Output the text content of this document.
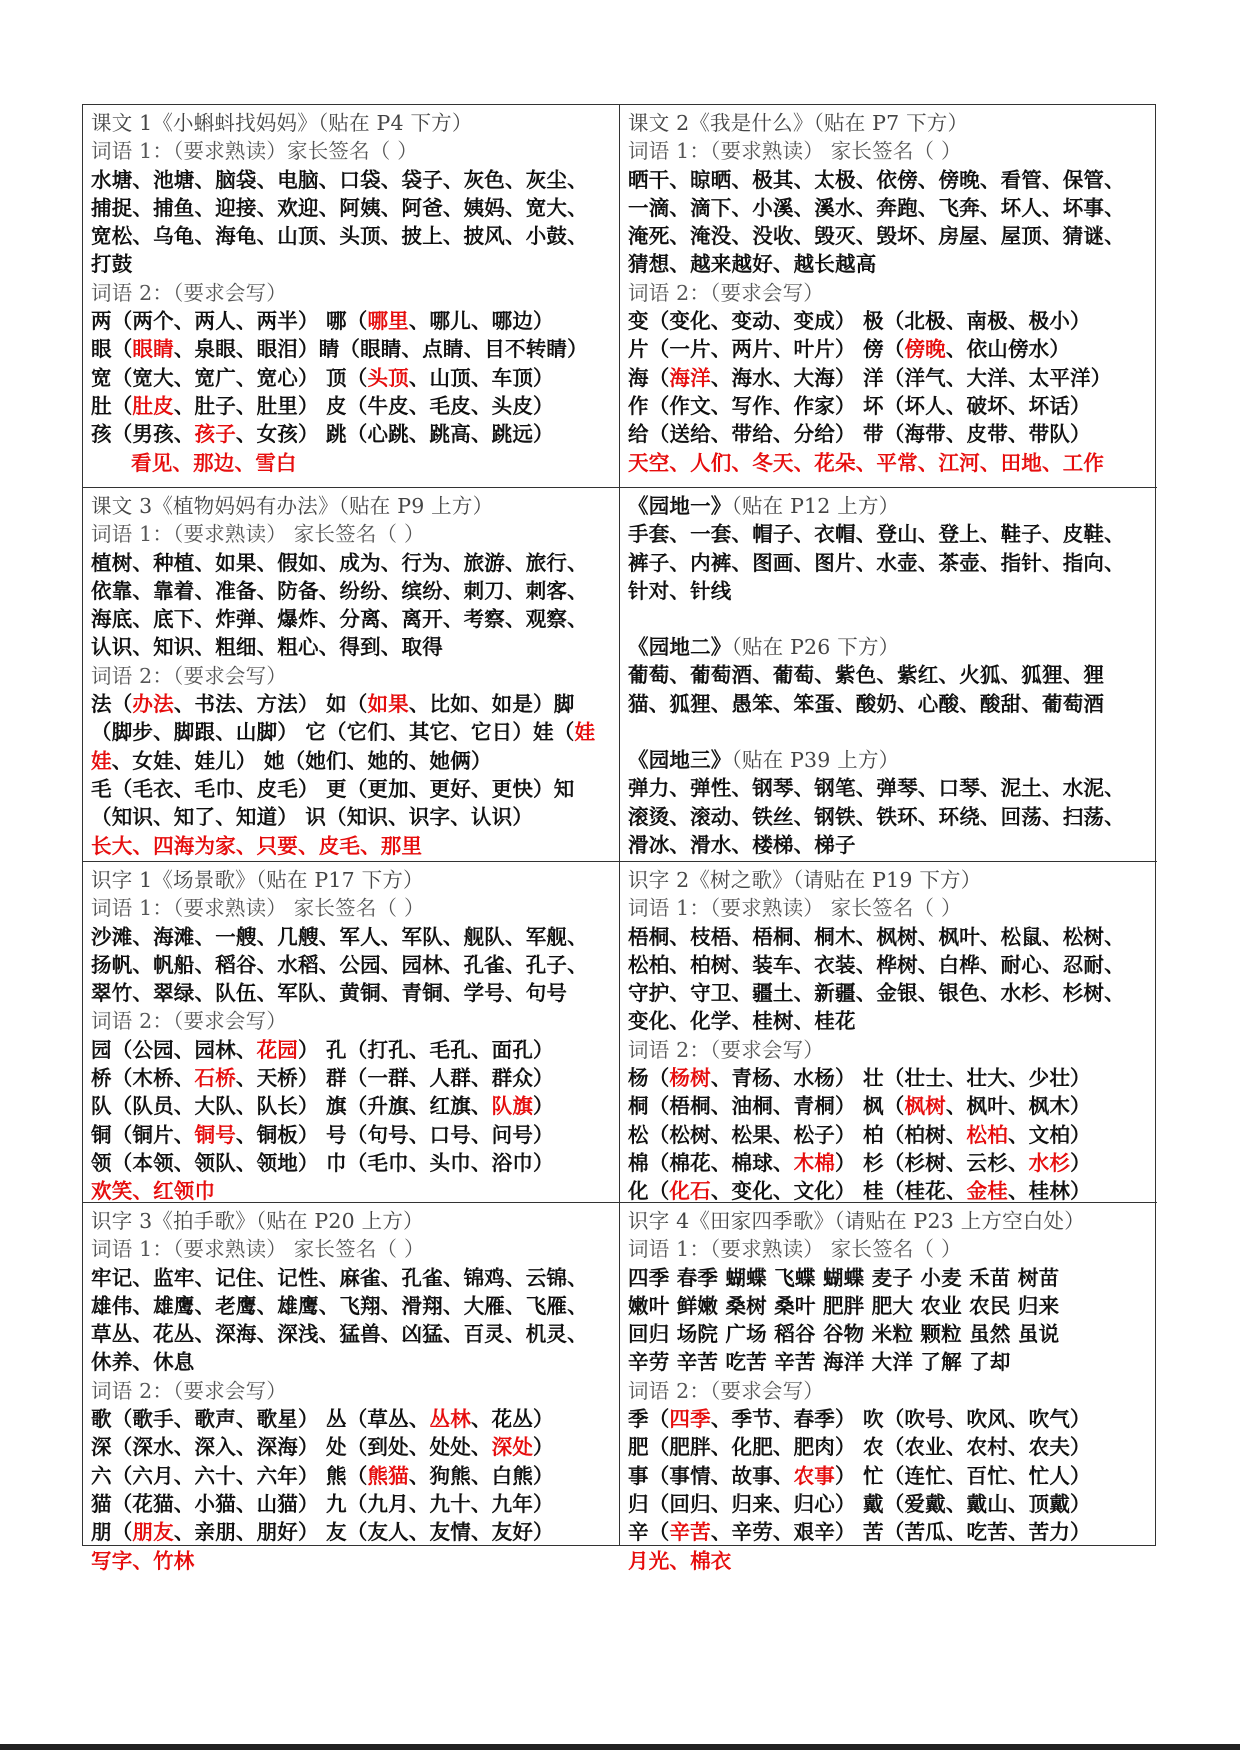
课文 1《小蝌蚪找妈妈》（贴在 P4 下方）
词语 1：（要求熟读）家长签名（ ）
水塘、池塘、脑袋、电脑、口袋、袋子、灰色、灰尘、
捕捉、捕鱼、迎接、欢迎、阿姨、阿爸、姨妈、宽大、
宽松、乌龟、海龟、山顶、头顶、披上、披风、小鼓、
打鼓
词语 2：（要求会写）
两（两个、两人、两半） 哪（哪里、哪儿、哪边）
眼（眼睛、泉眼、眼泪）睛（眼睛、点睛、目不转睛）
宽（宽大、宽广、宽心） 顶（头顶、山顶、车顶）
肚（肚皮、肚子、肚里） 皮（牛皮、毛皮、头皮）
孩（男孩、孩子、女孩） 跳（心跳、跳高、跳远）
看见、那边、雪白
课文 2《我是什么》（贴在 P7 下方）
词语 1：（要求熟读） 家长签名（ ）
晒干、晾晒、极其、太极、依傍、傍晚、看管、保管、
一滴、滴下、小溪、溪水、奔跑、飞奔、坏人、坏事、
淹死、淹没、没收、毁灭、毁坏、房屋、屋顶、猜谜、
猜想、越来越好、越长越高
词语 2：（要求会写）
变（变化、变动、变成） 极（北极、南极、极小）
片（一片、两片、叶片） 傍（傍晚、依山傍水）
海（海洋、海水、大海） 洋（洋气、大洋、太平洋）
作（作文、写作、作家） 坏（坏人、破坏、坏话）
给（送给、带给、分给） 带（海带、皮带、带队）
天空、人们、冬天、花朵、平常、江河、田地、工作
课文 3《植物妈妈有办法》（贴在 P9 上方）
词语 1：（要求熟读） 家长签名（ ）
植树、种植、如果、假如、成为、行为、旅游、旅行、
依靠、靠着、准备、防备、纷纷、缤纷、刺刀、刺客、
海底、底下、炸弹、爆炸、分离、离开、考察、观察、
认识、知识、粗细、粗心、得到、取得
词语 2：（要求会写）
法（办法、书法、方法） 如（如果、比如、如是）脚
（脚步、脚跟、山脚） 它（它们、其它、它日）娃（娃
娃、女娃、娃儿） 她（她们、她的、她俩）
毛（毛衣、毛巾、皮毛） 更（更加、更好、更快）知
（知识、知了、知道） 识（知识、识字、认识）
长大、四海为家、只要、皮毛、那里
《园地一》（贴在 P12 上方）
手套、一套、帽子、衣帽、登山、登上、鞋子、皮鞋、
裤子、内裤、图画、图片、水壶、茶壶、指针、指向、
针对、针线
《园地二》（贴在 P26 下方）
葡萄、葡萄酒、葡萄、紫色、紫红、火狐、狐狸、狸
猫、狐狸、愚笨、笨蛋、酸奶、心酸、酸甜、葡萄酒
《园地三》（贴在 P39 上方）
弹力、弹性、钢琴、钢笔、弹琴、口琴、泥土、水泥、
滚烫、滚动、铁丝、钢铁、铁环、环绕、回荡、扫荡、
滑冰、滑水、楼梯、梯子
识字 1《场景歌》（贴在 P17 下方）
词语 1：（要求熟读） 家长签名（ ）
沙滩、海滩、一艘、几艘、军人、军队、舰队、军舰、
扬帆、帆船、稻谷、水稻、公园、园林、孔雀、孔子、
翠竹、翠绿、队伍、军队、黄铜、青铜、学号、句号
词语 2：（要求会写）
园（公园、园林、花园） 孔（打孔、毛孔、面孔）
桥（木桥、石桥、天桥） 群（一群、人群、群众）
队（队员、大队、队长） 旗（升旗、红旗、队旗）
铜（铜片、铜号、铜板） 号（句号、口号、问号）
领（本领、领队、领地） 巾（毛巾、头巾、浴巾）
欢笑、红领巾
识字 2《树之歌》（请贴在 P19 下方）
词语 1：（要求熟读） 家长签名（ ）
梧桐、枝梧、梧桐、桐木、枫树、枫叶、松鼠、松树、
松柏、柏树、装车、衣装、桦树、白桦、耐心、忍耐、
守护、守卫、疆土、新疆、金银、银色、水杉、杉树、
变化、化学、桂树、桂花
词语 2：（要求会写）
杨（杨树、青杨、水杨） 壮（壮士、壮大、少壮）
桐（梧桐、油桐、青桐） 枫（枫树、枫叶、枫木）
松（松树、松果、松子） 柏（柏树、松柏、文柏）
棉（棉花、棉球、木棉） 杉（杉树、云杉、水杉）
化（化石、变化、文化） 桂（桂花、金桂、桂林）
识字 3《拍手歌》（贴在 P20 上方）
词语 1：（要求熟读） 家长签名（ ）
牢记、监牢、记住、记性、麻雀、孔雀、锦鸡、云锦、
雄伟、雄鹰、老鹰、雄鹰、飞翔、滑翔、大雁、飞雁、
草丛、花丛、深海、深浅、猛兽、凶猛、百灵、机灵、
休养、休息
词语 2：（要求会写）
歌（歌手、歌声、歌星） 丛（草丛、丛林、花丛）
深（深水、深入、深海） 处（到处、处处、深处）
六（六月、六十、六年） 熊（熊猫、狗熊、白熊）
猫（花猫、小猫、山猫） 九（九月、九十、九年）
朋（朋友、亲朋、朋好） 友（友人、友情、友好）
写字、竹林
识字 4《田家四季歌》（请贴在 P23 上方空白处）
词语 1：（要求熟读） 家长签名（ ）
四季 春季 蝴蝶 飞蝶 蝴蝶 麦子 小麦 禾苗 树苗
嫩叶 鲜嫩 桑树 桑叶 肥胖 肥大 农业 农民 归来
回归 场院 广场 稻谷 谷物 米粒 颗粒 虽然 虽说
辛劳 辛苦 吃苦 辛苦 海洋 大洋 了解 了却
词语 2：（要求会写）
季（四季、季节、春季） 吹（吹号、吹风、吹气）
肥（肥胖、化肥、肥肉） 农（农业、农村、农夫）
事（事情、故事、农事） 忙（连忙、百忙、忙人）
归（回归、归来、归心） 戴（爱戴、戴山、顶戴）
辛（辛苦、辛劳、艰辛） 苦（苦瓜、吃苦、苦力）
月光、棉衣
